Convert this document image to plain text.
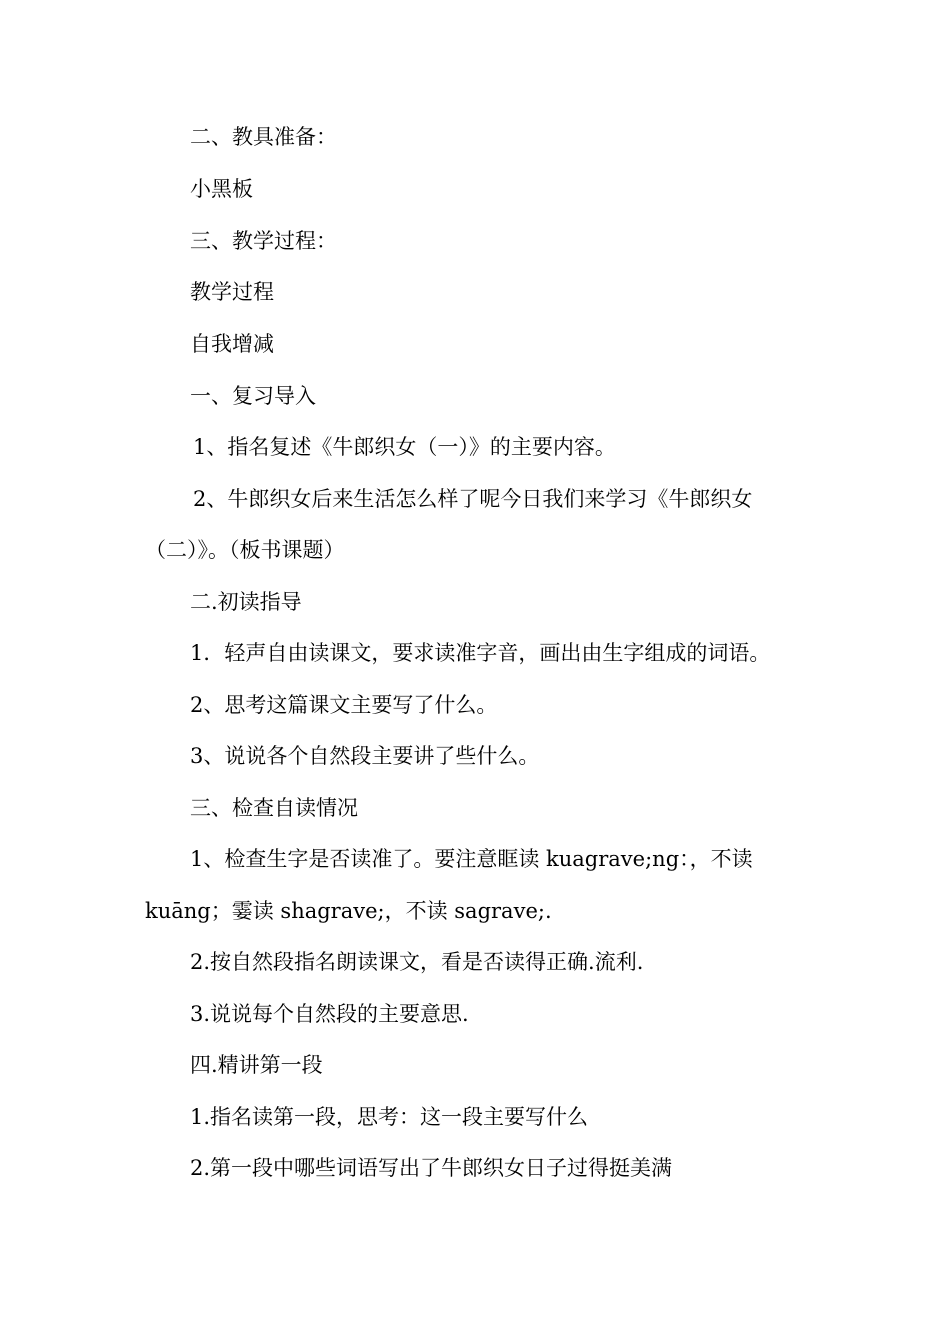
二、教具准备：
小黑板
三、教学过程：
教学过程
自我增减
一、复习导入
1、指名复述《牛郎织女（一）》的主要内容。
2、牛郎织女后来生活怎么样了呢今日我们来学习《牛郎织女
（二）》。（板书课题）
二.初读指导
1．轻声自由读课文，要求读准字音，画出由生字组成的词语。
2、思考这篇课文主要写了什么。
3、说说各个自然段主要讲了些什么。
三、检查自读情况
1、检查生字是否读准了。要注意眶读 kuagrave;ng：，不读
kuāng；霎读 shagrave;，不读 sagrave;.
2.按自然段指名朗读课文，看是否读得正确.流利.
3.说说每个自然段的主要意思.
四.精讲第一段
1.指名读第一段，思考：这一段主要写什么
2.第一段中哪些词语写出了牛郎织女日子过得挺美满
